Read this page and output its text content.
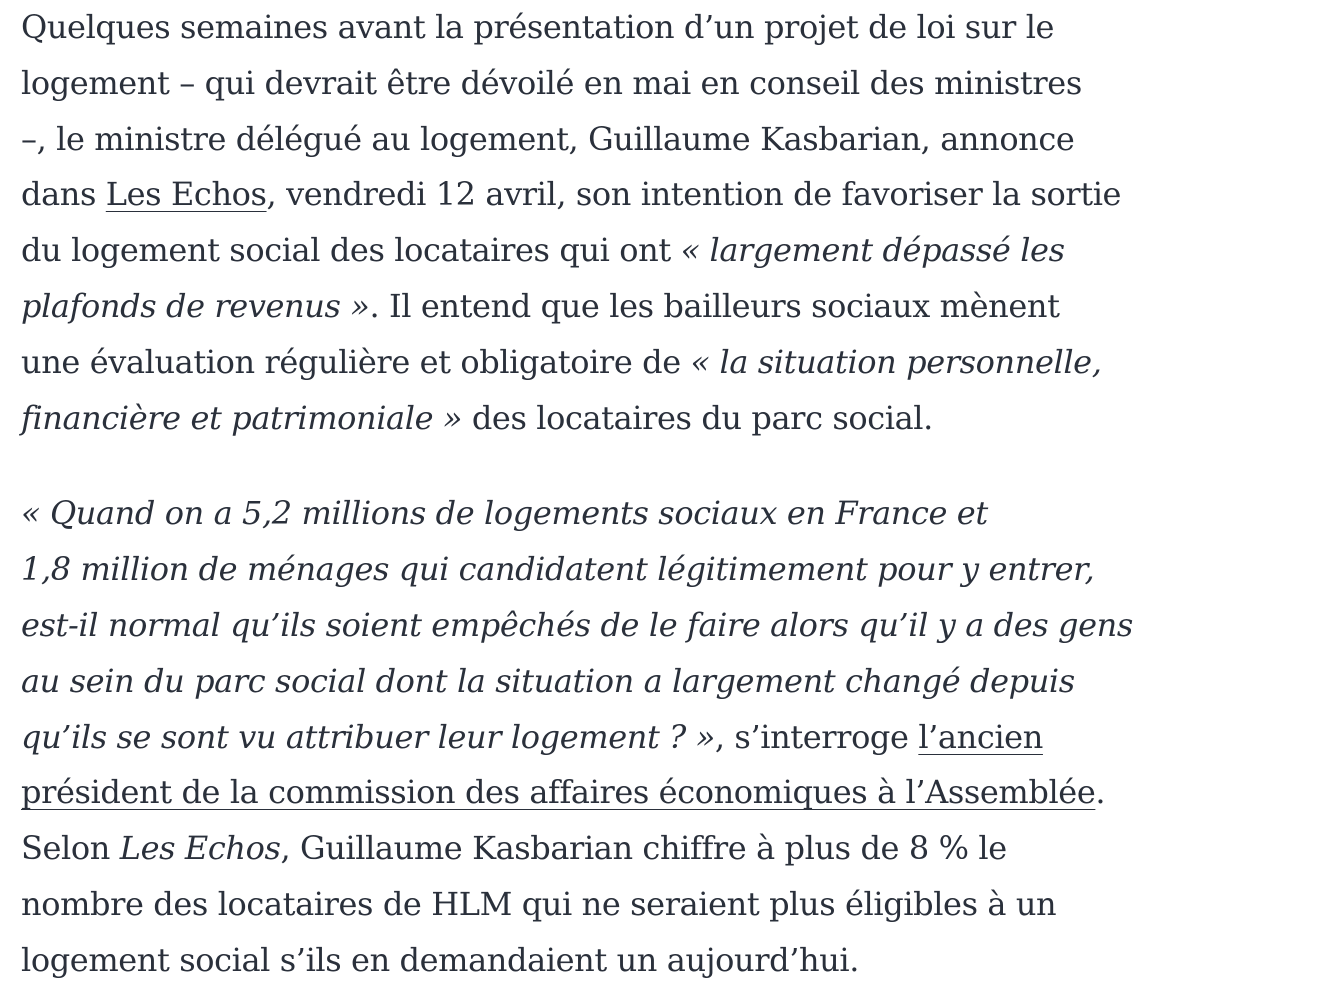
Quelques semaines avant la présentation d’un projet de loi sur le
logement – qui devrait être dévoilé en mai en conseil des ministres
–, le ministre délégué au logement, Guillaume Kasbarian, annonce
dans Les Echos, vendredi 12 avril, son intention de favoriser la sortie
du logement social des locataires qui ont « largement dépassé les
plafonds de revenus ». Il entend que les bailleurs sociaux mènent
une évaluation régulière et obligatoire de « la situation personnelle,
financière et patrimoniale » des locataires du parc social.

« Quand on a 5,2 millions de logements sociaux en France et
1,8 million de ménages qui candidatent légitimement pour y entrer,
est-il normal qu’ils soient empêchés de le faire alors qu’il y a des gens
au sein du parc social dont la situation a largement changé depuis
qu’ils se sont vu attribuer leur logement ? », s’interroge l’ancien
président de la commission des affaires économiques à l’Assemblée.
Selon Les Echos, Guillaume Kasbarian chiffre à plus de 8 % le
nombre des locataires de HLM qui ne seraient plus éligibles à un
logement social s’ils en demandaient un aujourd’hui.
